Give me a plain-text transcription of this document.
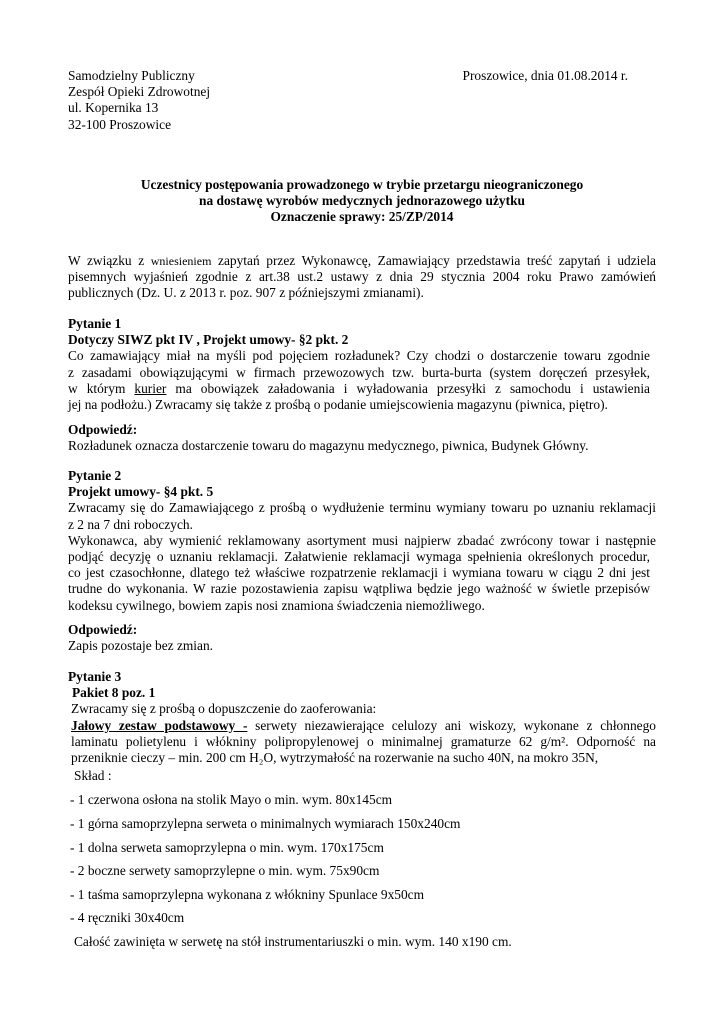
Samodzielny Publiczny
Zespół Opieki Zdrowotnej
ul. Kopernika 13
32-100 Proszowice
Proszowice, dnia 01.08.2014 r.
Uczestnicy postępowania prowadzonego w trybie przetargu nieograniczonego
na dostawę wyrobów medycznych jednorazowego użytku
Oznaczenie sprawy: 25/ZP/2014
W związku z wniesieniem zapytań przez Wykonawcę, Zamawiający przedstawia treść zapytań i udziela
pisemnych wyjaśnień zgodnie z art.38 ust.2 ustawy z dnia 29 stycznia 2004 roku Prawo zamówień
publicznych (Dz. U. z 2013 r. poz. 907 z późniejszymi zmianami).
Pytanie 1
Dotyczy SIWZ pkt IV , Projekt umowy- §2 pkt. 2
Co zamawiający miał na myśli pod pojęciem rozładunek? Czy chodzi o dostarczenie towaru zgodnie
z zasadami obowiązującymi w firmach przewozowych tzw. burta-burta (system doręczeń przesyłek,
w którym kurier ma obowiązek załadowania i wyładowania przesyłki z samochodu i ustawienia
jej na podłożu.) Zwracamy się także z prośbą o podanie umiejscowienia magazynu (piwnica, piętro).
Odpowiedź:
Rozładunek oznacza dostarczenie towaru do magazynu medycznego, piwnica, Budynek Główny.
Pytanie 2
Projekt umowy- §4 pkt. 5
Zwracamy się do Zamawiającego z prośbą o wydłużenie terminu wymiany towaru po uznaniu reklamacji
z 2 na 7 dni roboczych.
Wykonawca, aby wymienić reklamowany asortyment musi najpierw zbadać zwrócony towar i następnie
podjąć decyzję o uznaniu reklamacji. Załatwienie reklamacji wymaga spełnienia określonych procedur,
co jest czasochłonne, dlatego też właściwe rozpatrzenie reklamacji i wymiana towaru w ciągu 2 dni jest
trudne do wykonania. W razie pozostawienia zapisu wątpliwa będzie jego ważność w świetle przepisów
kodeksu cywilnego, bowiem zapis nosi znamiona świadczenia niemożliwego.
Odpowiedź:
Zapis pozostaje bez zmian.
Pytanie 3
Pakiet 8 poz. 1
Zwracamy się z prośbą o dopuszczenie do zaoferowania:
Jałowy zestaw podstawowy - serwety niezawierające celulozy ani wiskozy, wykonane z chłonnego
laminatu polietylenu i włókniny polipropylenowej o minimalnej gramaturze 62 g/m². Odporność na
przeniknie cieczy – min. 200 cm H₂O, wytrzymałość na rozerwanie na sucho 40N, na mokro 35N,
Skład :
- 1 czerwona osłona na stolik Mayo o min. wym. 80x145cm
- 1 górna samoprzylepna serweta o minimalnych wymiarach 150x240cm
- 1 dolna serweta samoprzylepna o min. wym. 170x175cm
- 2 boczne serwety samoprzylepne o min. wym. 75x90cm
- 1 taśma samoprzylepna wykonana z włókniny Spunlace 9x50cm
- 4 ręczniki 30x40cm
Całość zawinięta w serwetę na stół instrumentariuszki o min. wym. 140 x190 cm.
